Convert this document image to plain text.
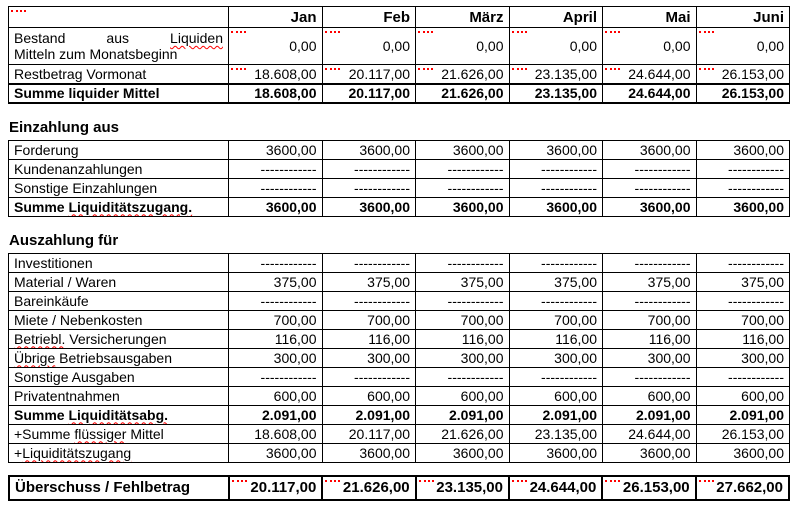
	Jan	Feb	März	April	Mai	Juni

Bestand aus Liquiden
Mitteln zum Monatsbeginn	0,00	0,00	0,00	0,00	0,00	0,00
Restbetrag Vormonat	18.608,00	20.117,00	21.626,00	23.135,00	24.644,00	26.153,00
Summe liquider Mittel	18.608,00	20.117,00	21.626,00	23.135,00	24.644,00	26.153,00
Einzahlung aus
Forderung	3600,00	3600,00	3600,00	3600,00	3600,00	3600,00
Kundenanzahlungen	------------	------------	------------	------------	------------	------------
Sonstige Einzahlungen	------------	------------	------------	------------	------------	------------
Summe Liquiditätszugang.	3600,00	3600,00	3600,00	3600,00	3600,00	3600,00
Auszahlung für
Investitionen	------------	------------	------------	------------	------------	------------
Material / Waren	375,00	375,00	375,00	375,00	375,00	375,00
Bareinkäufe	------------	------------	------------	------------	------------	------------
Miete / Nebenkosten	700,00	700,00	700,00	700,00	700,00	700,00
Betriebl. Versicherungen	116,00	116,00	116,00	116,00	116,00	116,00
Übrige Betriebsausgaben	300,00	300,00	300,00	300,00	300,00	300,00
Sonstige Ausgaben	------------	------------	------------	------------	------------	------------
Privatentnahmen	600,00	600,00	600,00	600,00	600,00	600,00
Summe Liquiditätsabg.	2.091,00	2.091,00	2.091,00	2.091,00	2.091,00	2.091,00
+Summe flüssiger Mittel	18.608,00	20.117,00	21.626,00	23.135,00	24.644,00	26.153,00
+Liquiditätszugang	3600,00	3600,00	3600,00	3600,00	3600,00	3600,00
Überschuss / Fehlbetrag	20.117,00	21.626,00	23.135,00	24.644,00	26.153,00	27.662,00
